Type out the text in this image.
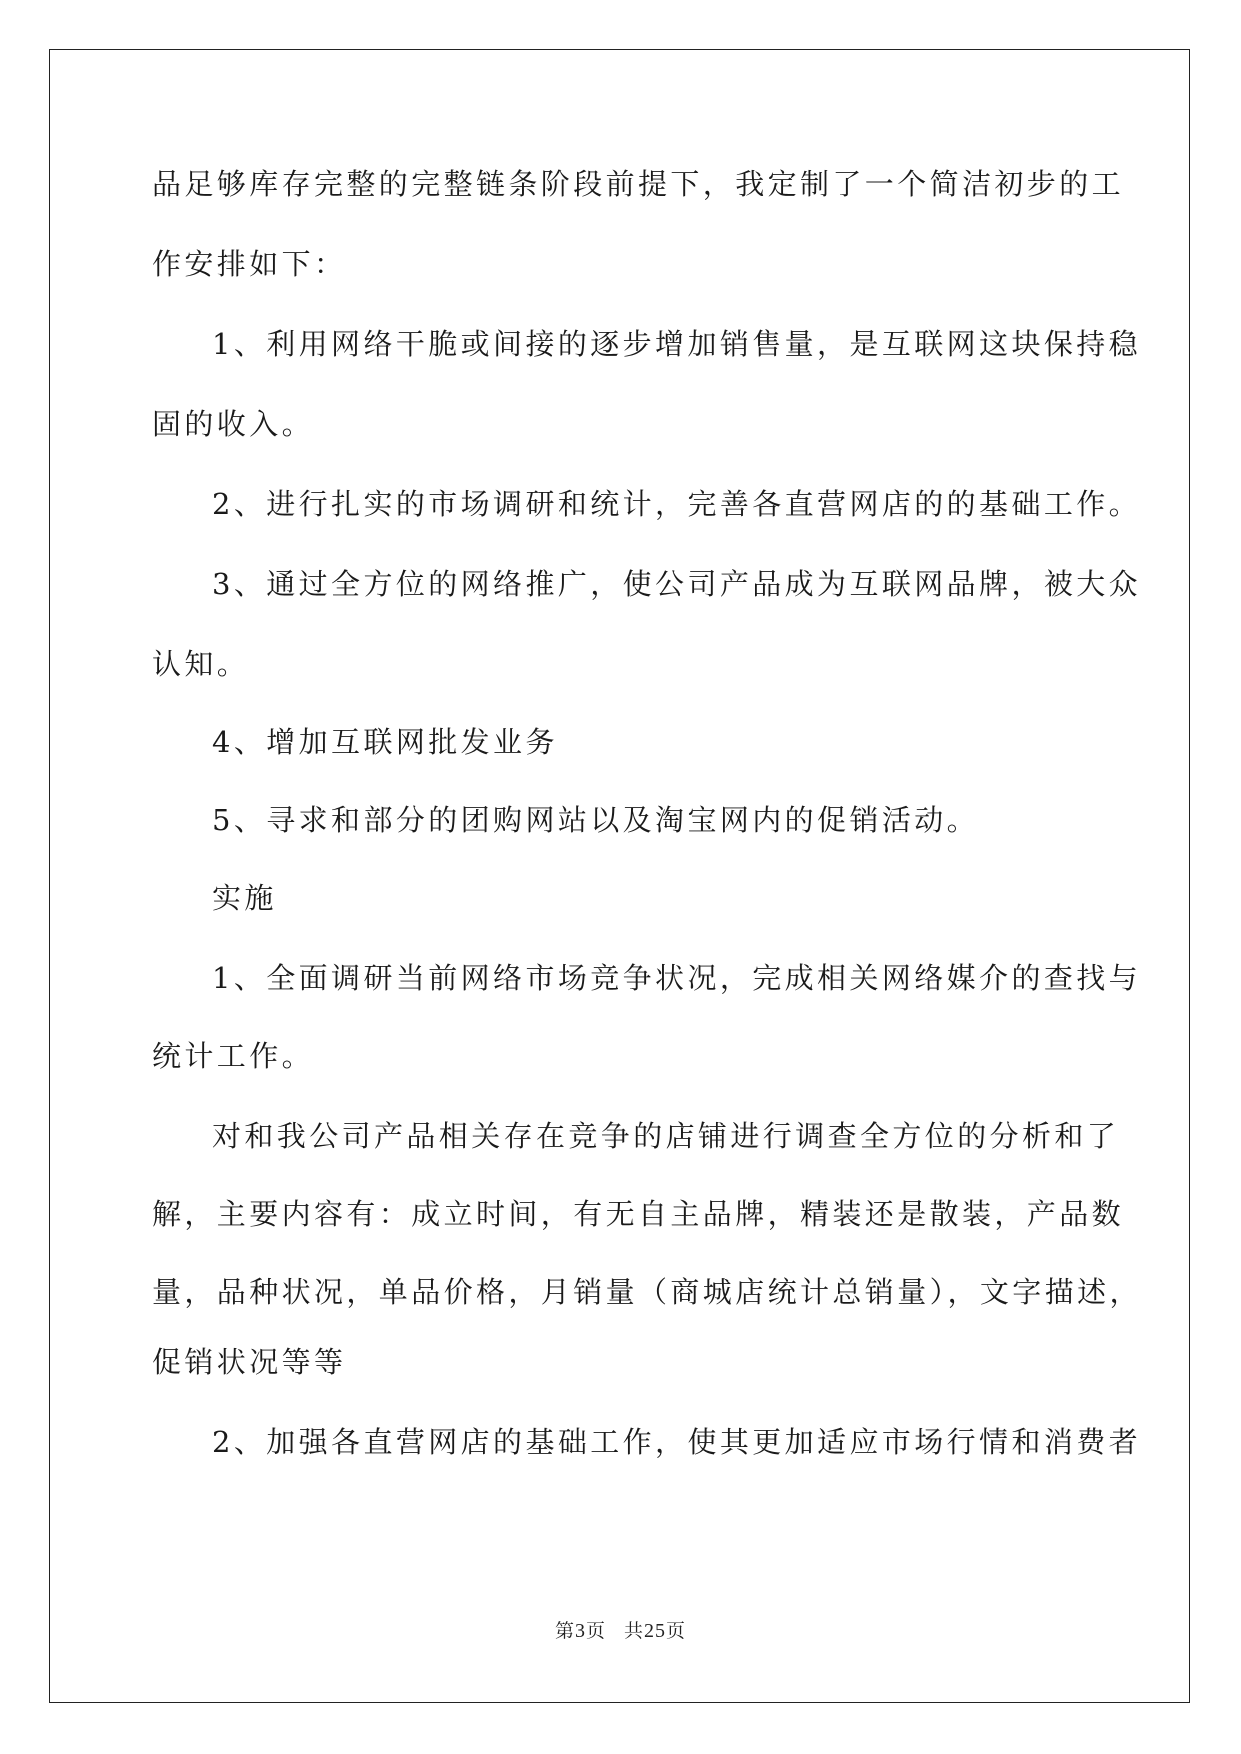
品足够库存完整的完整链条阶段前提下，我定制了一个简洁初步的工
作安排如下：
1、利用网络干脆或间接的逐步增加销售量，是互联网这块保持稳
固的收入。
2、进行扎实的市场调研和统计，完善各直营网店的的基础工作。
3、通过全方位的网络推广，使公司产品成为互联网品牌，被大众
认知。
4、增加互联网批发业务
5、寻求和部分的团购网站以及淘宝网内的促销活动。
实施
1、全面调研当前网络市场竞争状况，完成相关网络媒介的查找与
统计工作。
对和我公司产品相关存在竞争的店铺进行调查全方位的分析和了
解，主要内容有：成立时间，有无自主品牌，精装还是散装，产品数
量，品种状况，单品价格，月销量（商城店统计总销量），文字描述，
促销状况等等
2、加强各直营网店的基础工作，使其更加适应市场行情和消费者
第3页 共25页
